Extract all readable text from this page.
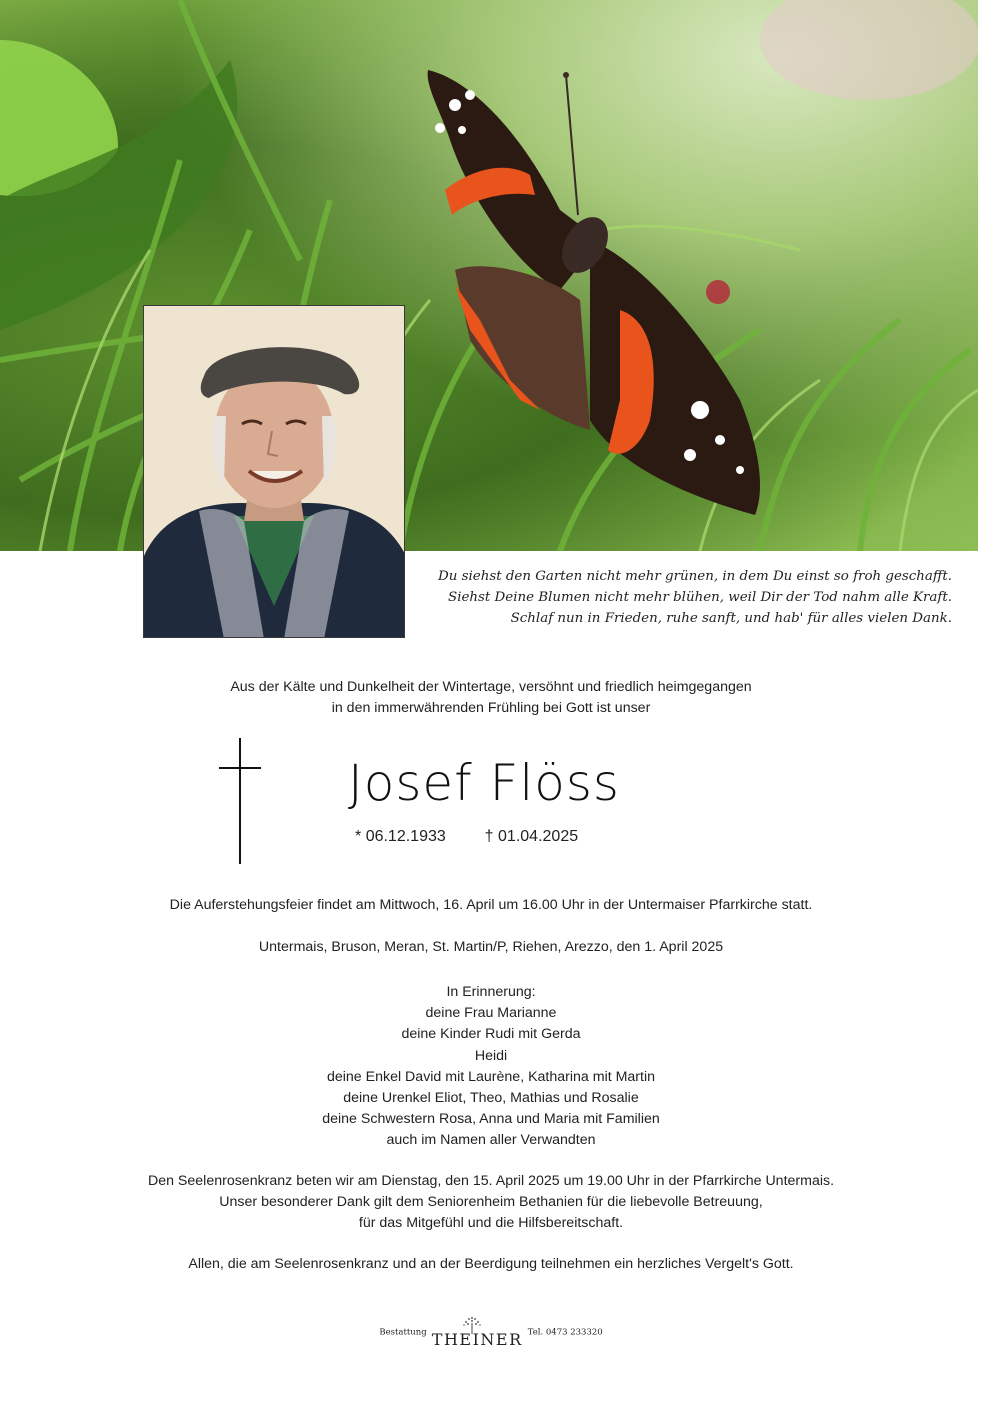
Du siehst den Garten nicht mehr grünen, in dem Du einst so froh geschafft.
Siehst Deine Blumen nicht mehr blühen, weil Dir der Tod nahm alle Kraft.
Schlaf nun in Frieden, ruhe sanft, und hab' für alles vielen Dank.
Aus der Kälte und Dunkelheit der Wintertage, versöhnt und friedlich heimgegangen
in den immerwährenden Frühling bei Gott ist unser
Josef Flöss
* 06.12.1933 † 01.04.2025
Die Auferstehungsfeier findet am Mittwoch, 16. April um 16.00 Uhr in der Untermaiser Pfarrkirche statt.
Untermais, Bruson, Meran, St. Martin/P, Riehen, Arezzo, den 1. April 2025
In Erinnerung:
deine Frau Marianne
deine Kinder Rudi mit Gerda
Heidi
deine Enkel David mit Laurène, Katharina mit Martin
deine Urenkel Eliot, Theo, Mathias und Rosalie
deine Schwestern Rosa, Anna und Maria mit Familien
auch im Namen aller Verwandten
Den Seelenrosenkranz beten wir am Dienstag, den 15. April 2025 um 19.00 Uhr in der Pfarrkirche Untermais.
Unser besonderer Dank gilt dem Seniorenheim Bethanien für die liebevolle Betreuung,
für das Mitgefühl und die Hilfsbereitschaft.
Allen, die am Seelenrosenkranz und an der Beerdigung teilnehmen ein herzliches Vergelt's Gott.
Bestattung THEINER Tel. 0473 233320
